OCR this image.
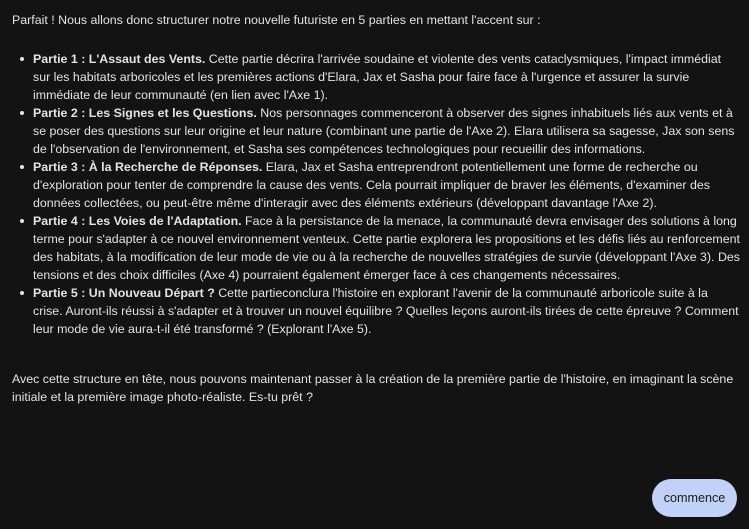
Parfait ! Nous allons donc structurer notre nouvelle futuriste en 5 parties en mettant l'accent sur :

Partie 1 : L'Assaut des Vents. Cette partie décrira l'arrivée soudaine et violente des vents cataclysmiques, l'impact immédiat sur les habitats arboricoles et les premières actions d'Elara, Jax et Sasha pour faire face à l'urgence et assurer la survie immédiate de leur communauté (en lien avec l'Axe 1).
Partie 2 : Les Signes et les Questions. Nos personnages commenceront à observer des signes inhabituels liés aux vents et à se poser des questions sur leur origine et leur nature (combinant une partie de l'Axe 2). Elara utilisera sa sagesse, Jax son sens de l'observation de l'environnement, et Sasha ses compétences technologiques pour recueillir des informations.
Partie 3 : À la Recherche de Réponses. Elara, Jax et Sasha entreprendront potentiellement une forme de recherche ou d'exploration pour tenter de comprendre la cause des vents. Cela pourrait impliquer de braver les éléments, d'examiner des données collectées, ou peut-être même d'interagir avec des éléments extérieurs (développant davantage l'Axe 2).
Partie 4 : Les Voies de l'Adaptation. Face à la persistance de la menace, la communauté devra envisager des solutions à long terme pour s'adapter à ce nouvel environnement venteux. Cette partie explorera les propositions et les défis liés au renforcement des habitats, à la modification de leur mode de vie ou à la recherche de nouvelles stratégies de survie (développant l'Axe 3). Des tensions et des choix difficiles (Axe 4) pourraient également émerger face à ces changements nécessaires.
Partie 5 : Un Nouveau Départ ? Cette partieconclura l'histoire en explorant l'avenir de la communauté arboricole suite à la crise. Auront-ils réussi à s'adapter et à trouver un nouvel équilibre ? Quelles leçons auront-ils tirées de cette épreuve ? Comment leur mode de vie aura-t-il été transformé ? (Explorant l'Axe 5).

Avec cette structure en tête, nous pouvons maintenant passer à la création de la première partie de l'histoire, en imaginant la scène initiale et la première image photo-réaliste. Es-tu prêt ?

commence
